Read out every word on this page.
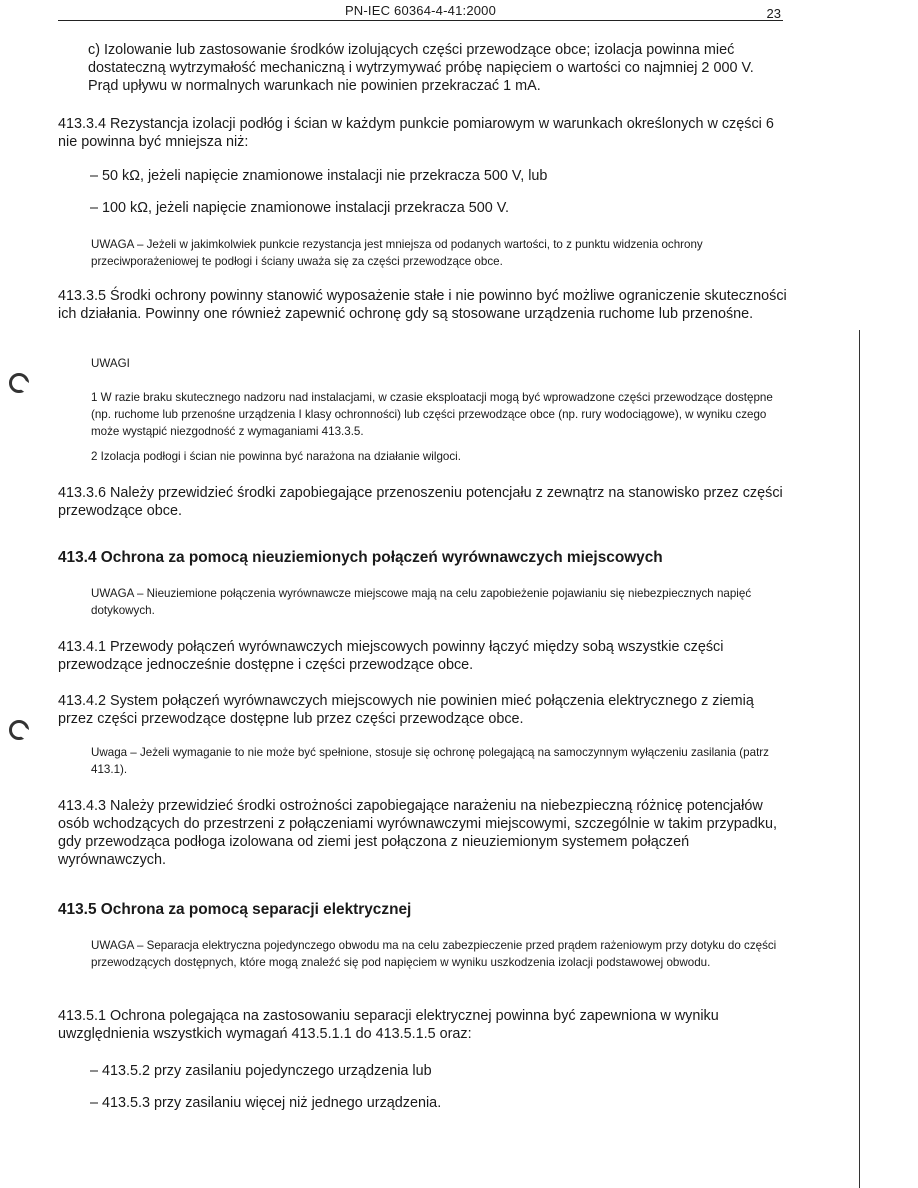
PN-IEC 60364-4-41:2000	23

c) Izolowanie lub zastosowanie środków izolujących części przewodzące obce; izolacja powinna mieć dostateczną wytrzymałość mechaniczną i wytrzymywać próbę napięciem o wartości co najmniej 2 000 V. Prąd upływu w normalnych warunkach nie powinien przekraczać 1 mA.

413.3.4 Rezystancja izolacji podłóg i ścian w każdym punkcie pomiarowym w warunkach określonych w części 6 nie powinna być mniejsza niż:

– 50 kΩ, jeżeli napięcie znamionowe instalacji nie przekracza 500 V, lub

– 100 kΩ, jeżeli napięcie znamionowe instalacji przekracza 500 V.

UWAGA – Jeżeli w jakimkolwiek punkcie rezystancja jest mniejsza od podanych wartości, to z punktu widzenia ochrony przeciwporażeniowej te podłogi i ściany uważa się za części przewodzące obce.

413.3.5 Środki ochrony powinny stanowić wyposażenie stałe i nie powinno być możliwe ograniczenie skuteczności ich działania. Powinny one również zapewnić ochronę gdy są stosowane urządzenia ruchome lub przenośne.

UWAGI

1 W razie braku skutecznego nadzoru nad instalacjami, w czasie eksploatacji mogą być wprowadzone części przewodzące dostępne (np. ruchome lub przenośne urządzenia I klasy ochronności) lub części przewodzące obce (np. rury wodociągowe), w wyniku czego może wystąpić niezgodność z wymaganiami 413.3.5.

2 Izolacja podłogi i ścian nie powinna być narażona na działanie wilgoci.

413.3.6 Należy przewidzieć środki zapobiegające przenoszeniu potencjału z zewnątrz na stanowisko przez części przewodzące obce.

413.4 Ochrona za pomocą nieuziemionych połączeń wyrównawczych miejscowych

UWAGA – Nieuziemione połączenia wyrównawcze miejscowe mają na celu zapobieżenie pojawianiu się niebezpiecznych napięć dotykowych.

413.4.1 Przewody połączeń wyrównawczych miejscowych powinny łączyć między sobą wszystkie części przewodzące jednocześnie dostępne i części przewodzące obce.

413.4.2 System połączeń wyrównawczych miejscowych nie powinien mieć połączenia elektrycznego z ziemią przez części przewodzące dostępne lub przez części przewodzące obce.

Uwaga – Jeżeli wymaganie to nie może być spełnione, stosuje się ochronę polegającą na samoczynnym wyłączeniu zasilania (patrz 413.1).

413.4.3 Należy przewidzieć środki ostrożności zapobiegające narażeniu na niebezpieczną różnicę potencjałów osób wchodzących do przestrzeni z połączeniami wyrównawczymi miejscowymi, szczególnie w takim przypadku, gdy przewodząca podłoga izolowana od ziemi jest połączona z nieuziemionym systemem połączeń wyrównawczych.

413.5 Ochrona za pomocą separacji elektrycznej

UWAGA – Separacja elektryczna pojedynczego obwodu ma na celu zabezpieczenie przed prądem rażeniowym przy dotyku do części przewodzących dostępnych, które mogą znaleźć się pod napięciem w wyniku uszkodzenia izolacji podstawowej obwodu.

413.5.1 Ochrona polegająca na zastosowaniu separacji elektrycznej powinna być zapewniona w wyniku uwzględnienia wszystkich wymagań 413.5.1.1 do 413.5.1.5 oraz:

– 413.5.2 przy zasilaniu pojedynczego urządzenia lub

– 413.5.3 przy zasilaniu więcej niż jednego urządzenia.
